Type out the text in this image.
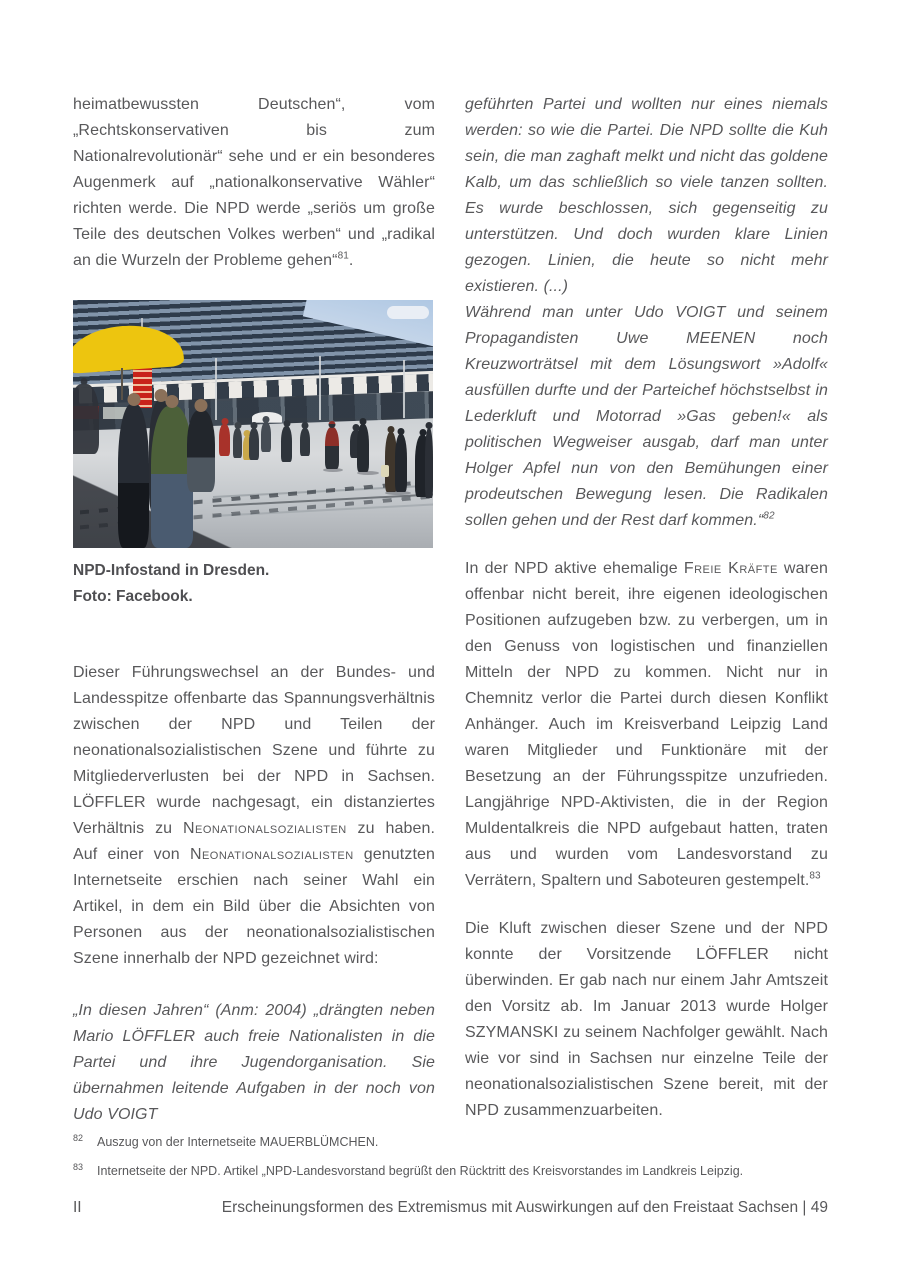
heimatbewussten Deutschen“, vom „Rechtskonservativen bis zum Nationalrevolutionär“ sehe und er ein besonderes Augenmerk auf „nationalkonservative Wähler“ richten werde. Die NPD werde „seriös um große Teile des deutschen Volkes werben“ und „radikal an die Wurzeln der Probleme gehen“$^{81}$.

NPD-Infostand in Dresden.
Foto: Facebook.

Dieser Führungswechsel an der Bundes- und Landesspitze offenbarte das Spannungsverhältnis zwischen der NPD und Teilen der neonationalsozialistischen Szene und führte zu Mitgliederverlusten bei der NPD in Sachsen. LÖFFLER wurde nachgesagt, ein distanziertes Verhältnis zu Neonationalsozialisten zu haben. Auf einer von Neonationalsozialisten genutzten Internetseite erschien nach seiner Wahl ein Artikel, in dem ein Bild über die Absichten von Personen aus der neonationalsozialistischen Szene innerhalb der NPD gezeichnet wird:

„In diesen Jahren“ (Anm: 2004) „drängten neben Mario LÖFFLER auch freie Nationalisten in die Partei und ihre Jugendorganisation. Sie übernahmen leitende Aufgaben in der noch von Udo VOIGT

geführten Partei und wollten nur eines niemals werden: so wie die Partei. Die NPD sollte die Kuh sein, die man zaghaft melkt und nicht das goldene Kalb, um das schließlich so viele tanzen sollten. Es wurde beschlossen, sich gegenseitig zu unterstützen. Und doch wurden klare Linien gezogen. Linien, die heute so nicht mehr existieren. (...)
Während man unter Udo VOIGT und seinem Propagandisten Uwe MEENEN noch Kreuzworträtsel mit dem Lösungswort »Adolf« ausfüllen durfte und der Parteichef höchstselbst in Lederkluft und Motorrad »Gas geben!« als politischen Wegweiser ausgab, darf man unter Holger Apfel nun von den Bemühungen einer prodeutschen Bewegung lesen. Die Radikalen sollen gehen und der Rest darf kommen.“$^{82}$

In der NPD aktive ehemalige Freie Kräfte waren offenbar nicht bereit, ihre eigenen ideologischen Positionen aufzugeben bzw. zu verbergen, um in den Genuss von logistischen und finanziellen Mitteln der NPD zu kommen. Nicht nur in Chemnitz verlor die Partei durch diesen Konflikt Anhänger. Auch im Kreisverband Leipzig Land waren Mitglieder und Funktionäre mit der Besetzung an der Führungsspitze unzufrieden. Langjährige NPD-Aktivisten, die in der Region Muldentalkreis die NPD aufgebaut hatten, traten aus und wurden vom Landesvorstand zu Verrätern, Spaltern und Saboteuren gestempelt.$^{83}$

Die Kluft zwischen dieser Szene und der NPD konnte der Vorsitzende LÖFFLER nicht überwinden. Er gab nach nur einem Jahr Amtszeit den Vorsitz ab. Im Januar 2013 wurde Holger SZYMANSKI zu seinem Nachfolger gewählt. Nach wie vor sind in Sachsen nur einzelne Teile der neonationalsozialistischen Szene bereit, mit der NPD zusammenzuarbeiten.

82 Auszug von der Internetseite MAUERBLÜMCHEN.
83 Internetseite der NPD. Artikel „NPD-Landesvorstand begrüßt den Rücktritt des Kreisvorstandes im Landkreis Leipzig.
II	Erscheinungsformen des Extremismus mit Auswirkungen auf den Freistaat Sachsen | 49
